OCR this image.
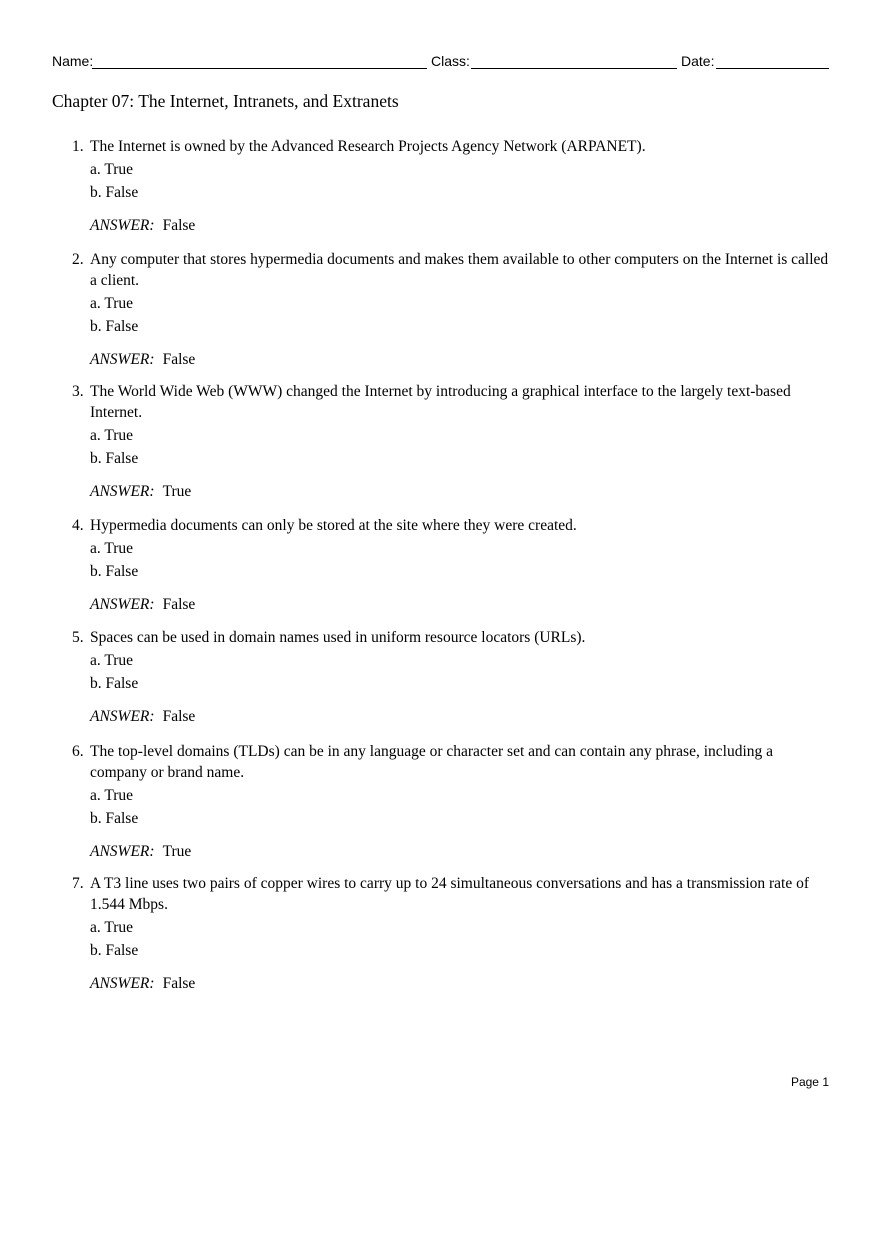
Name:	Class:	Date:
Chapter 07: The Internet, Intranets, and Extranets
1. The Internet is owned by the Advanced Research Projects Agency Network (ARPANET).
a. True
b. False
ANSWER: False
2. Any computer that stores hypermedia documents and makes them available to other computers on the Internet is called a client.
a. True
b. False
ANSWER: False
3. The World Wide Web (WWW) changed the Internet by introducing a graphical interface to the largely text-based Internet.
a. True
b. False
ANSWER: True
4. Hypermedia documents can only be stored at the site where they were created.
a. True
b. False
ANSWER: False
5. Spaces can be used in domain names used in uniform resource locators (URLs).
a. True
b. False
ANSWER: False
6. The top-level domains (TLDs) can be in any language or character set and can contain any phrase, including a company or brand name.
a. True
b. False
ANSWER: True
7. A T3 line uses two pairs of copper wires to carry up to 24 simultaneous conversations and has a transmission rate of 1.544 Mbps.
a. True
b. False
ANSWER: False
Page 1
